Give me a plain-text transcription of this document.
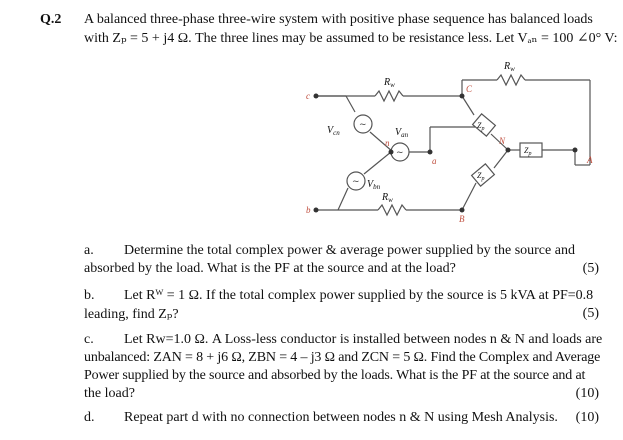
Q.2 A balanced three-phase three-wire system with positive phase sequence has balanced loads
with Zₚ = 5 + j4 Ω. The three lines may be assumed to be resistance less. Let Vₐₙ = 100 ∠0° V:
~
~
~
c
b
n
a
C
B
N
A
$V_{cn}$	$V_{an}$
$V_{bn}$
$R_w$
$R_w$
$R_w$
$Z_p$
$Z_p$
$Z_p$
a. Determine the total complex power & average power supplied by the source and
absorbed by the load. What is the PF at the source and at the load?	(5)
b. Let Rᵂ = 1 Ω. If the total complex power supplied by the source is 5 kVA at PF=0.8
leading, find Zₚ?	(5)
c. Let Rw=1.0 Ω. A Loss-less conductor is installed between nodes n & N and loads are
unbalanced: ZAN = 8 + j6 Ω, ZBN = 4 – j3 Ω and ZCN = 5 Ω. Find the Complex and Average
Power supplied by the source and absorbed by the loads. What is the PF at the source and at
the load?	(10)
d. Repeat part d with no connection between nodes n & N using Mesh Analysis. (10)
